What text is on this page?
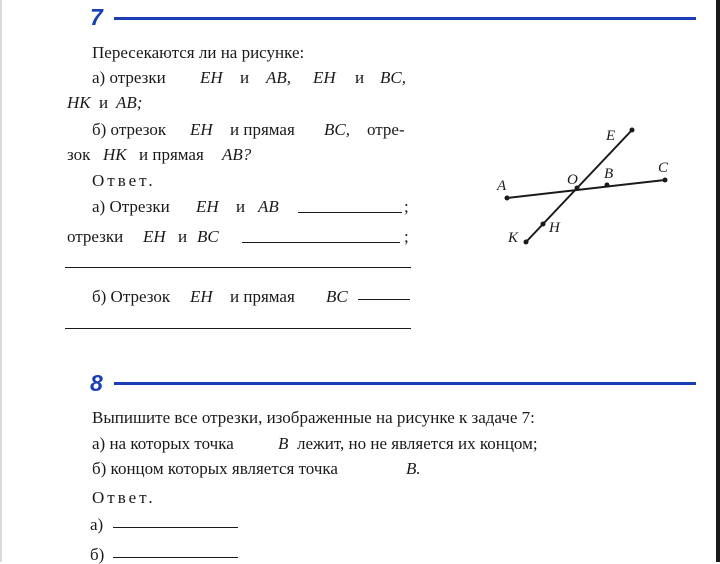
7
Пересекаются ли на рисунке:
а) отрезки EH и AB, EH и BC,
HK и AB;
б) отрезок EH и прямая BC, отре-
зок HK и прямая AB?
Ответ.
а) Отрезки EH и AB	;
отрезки EH и BC	;
б) Отрезок EH и прямая BC
E
C
A	O B
H
K
8
Выпишите все отрезки, изображенные на рисунке к задаче 7:
а) на которых точка	B лежит, но не является их концом;
б) концом которых является точка	B.
Ответ.
а)
б)
